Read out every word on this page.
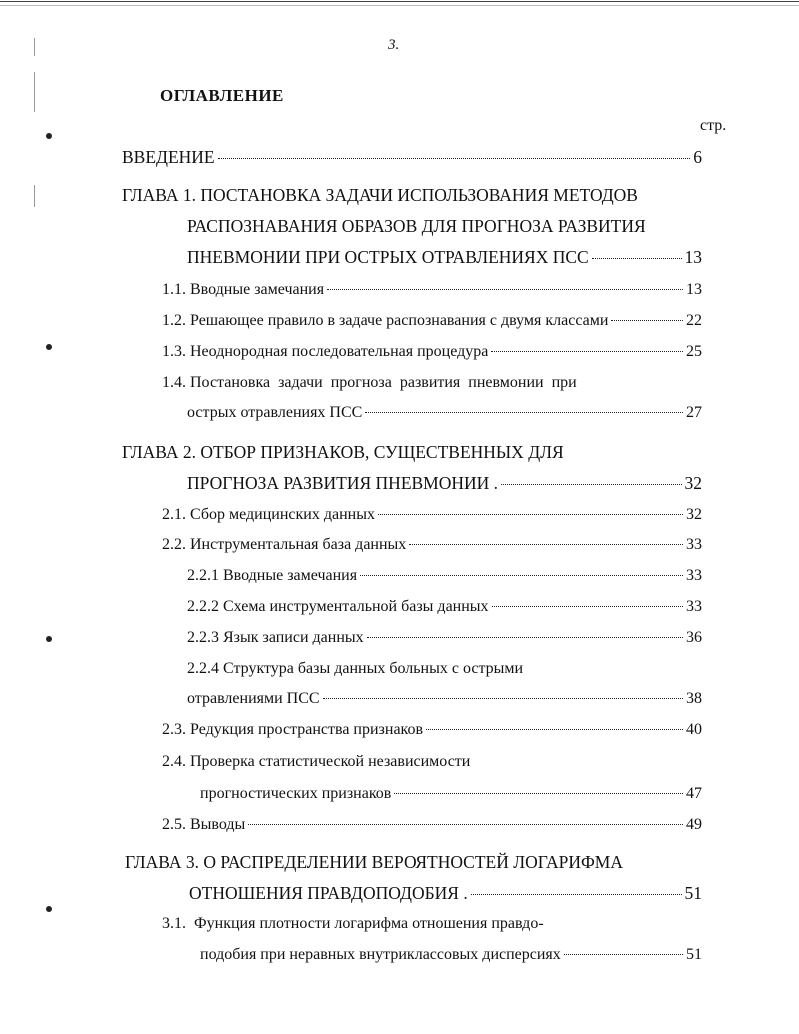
3.
ОГЛАВЛЕНИЕ
стр.
ВВЕДЕНИЕ	6
ГЛАВА 1. ПОСТАНОВКА ЗАДАЧИ ИСПОЛЬЗОВАНИЯ МЕТОДОВ
РАСПОЗНАВАНИЯ ОБРАЗОВ ДЛЯ ПРОГНОЗА РАЗВИТИЯ
ПНЕВМОНИИ ПРИ ОСТРЫХ ОТРАВЛЕНИЯХ ПСС	13
1.1. Вводные замечания	13
1.2. Решающее правило в задаче распознавания с двумя классами	22
1.3. Неоднородная последовательная процедура	25
1.4. Постановка  задачи  прогноза  развития  пневмонии  при
острых отравлениях ПСС	27
ГЛАВА 2. ОТБОР ПРИЗНАКОВ, СУЩЕСТВЕННЫХ ДЛЯ
ПРОГНОЗА РАЗВИТИЯ ПНЕВМОНИИ .	32
2.1. Сбор медицинских данных	32
2.2. Инструментальная база данных	33
2.2.1 Вводные замечания	33
2.2.2 Схема инструментальной базы данных	33
2.2.3 Язык записи данных	36
2.2.4 Структура базы данных больных с острыми
отравлениями ПСС	38
2.3. Редукция пространства признаков	40
2.4. Проверка статистической независимости
прогностических признаков	47
2.5. Выводы	49
ГЛАВА 3. О РАСПРЕДЕЛЕНИИ ВЕРОЯТНОСТЕЙ ЛОГАРИФМА
ОТНОШЕНИЯ ПРАВДОПОДОБИЯ .	51
3.1.  Функция плотности логарифма отношения правдо-
подобия при неравных внутриклассовых дисперсиях	51
